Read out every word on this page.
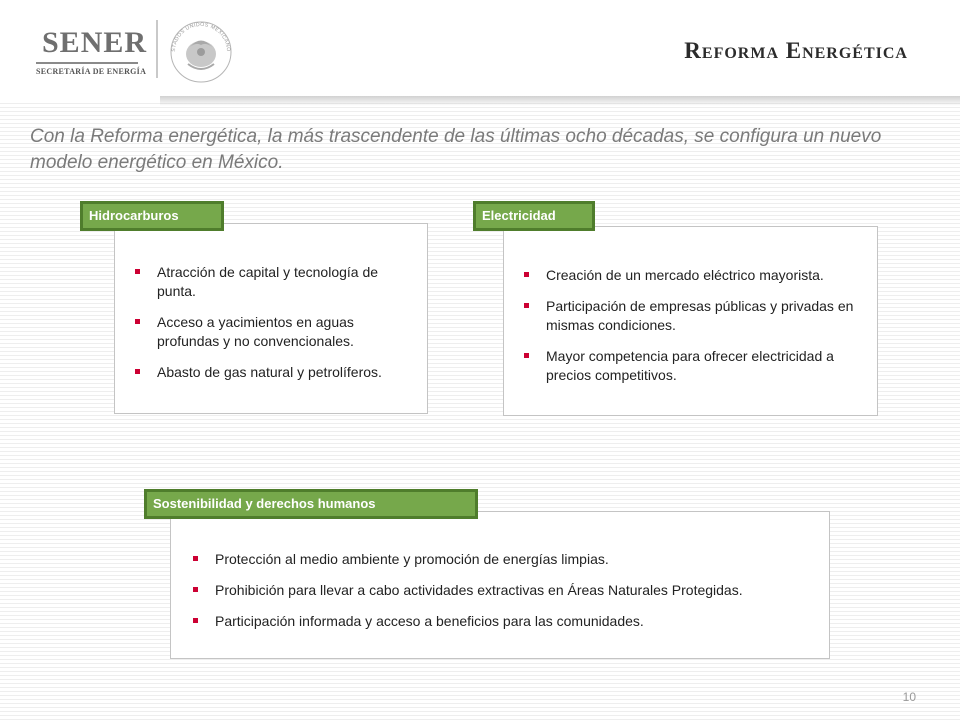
SENER
SECRETARÍA DE ENERGÍA
STADOS UNIDOS MEXICANO	Reforma Energética
Con la Reforma energética, la más trascendente de las últimas ocho décadas, se configura un nuevo modelo energético en México.
Atracción de capital y tecnología de punta.
Acceso a yacimientos en aguas profundas y no convencionales.
Abasto de gas natural y petrolíferos.
Hidrocarburos
Creación de un mercado eléctrico mayorista.
Participación de empresas públicas y privadas en mismas condiciones.
Mayor competencia para ofrecer electricidad a precios competitivos.
Electricidad
Protección al medio ambiente y promoción de energías limpias.
Prohibición para llevar a cabo actividades extractivas en Áreas Naturales Protegidas.
Participación informada y acceso a beneficios para las comunidades.
Sostenibilidad y derechos humanos
10
